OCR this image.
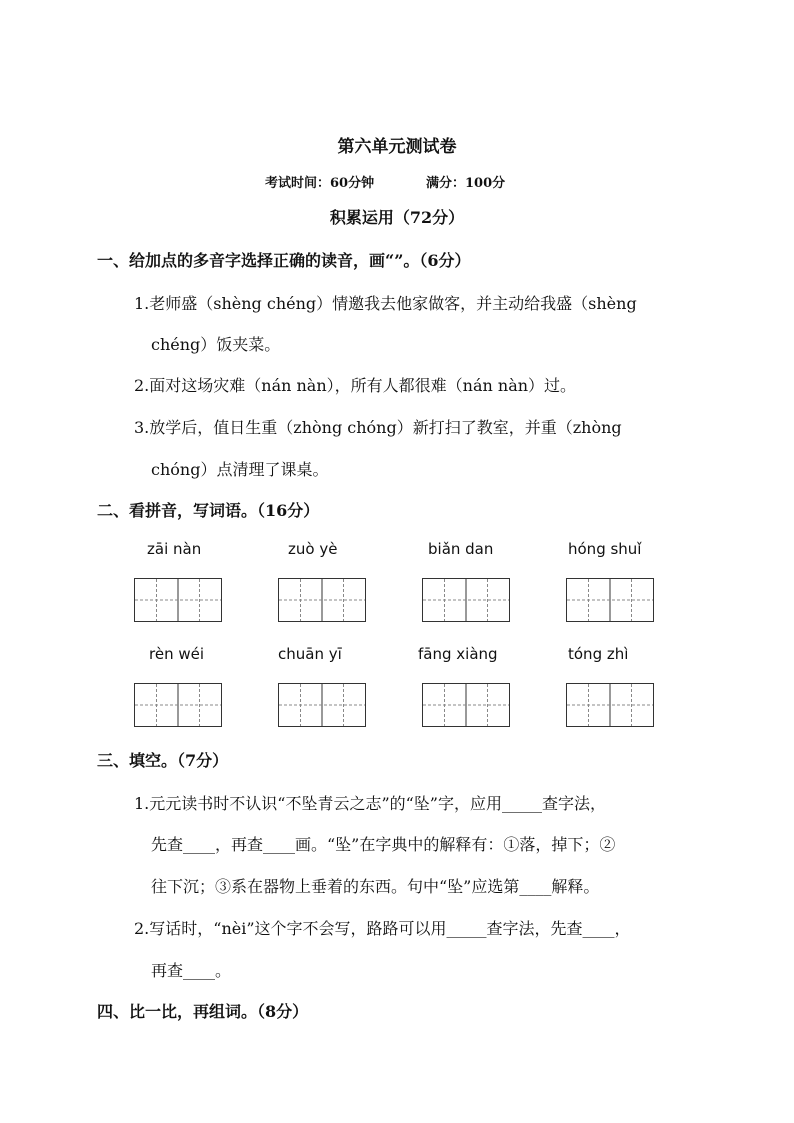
第六单元测试卷
考试时间：60分钟	满分：100分
积累运用（72分）
一、给加点的多音字选择正确的读音，画“”。（6分）
1.老师盛（shèng chéng）情邀我去他家做客，并主动给我盛（shèng
chéng）饭夹菜。
2.面对这场灾难（nán nàn），所有人都很难（nán nàn）过。
3.放学后，值日生重（zhòng chóng）新打扫了教室，并重（zhòng
chóng）点清理了课桌。
二、看拼音，写词语。（16分）
zāi nàn	zuò yè	biǎn dan	hóng shuǐ
rèn wéi	chuān yī	fāng xiàng	tóng zhì
三、填空。（7分）
1.元元读书时不认识“不坠青云之志”的“坠”字，应用_____查字法，
先查____，再查____画。“坠”在字典中的解释有：①落，掉下；②
往下沉；③系在器物上垂着的东西。句中“坠”应选第____解释。
2.写话时，“nèi”这个字不会写，路路可以用_____查字法，先查____，
再查____。
四、比一比，再组词。（8分）
